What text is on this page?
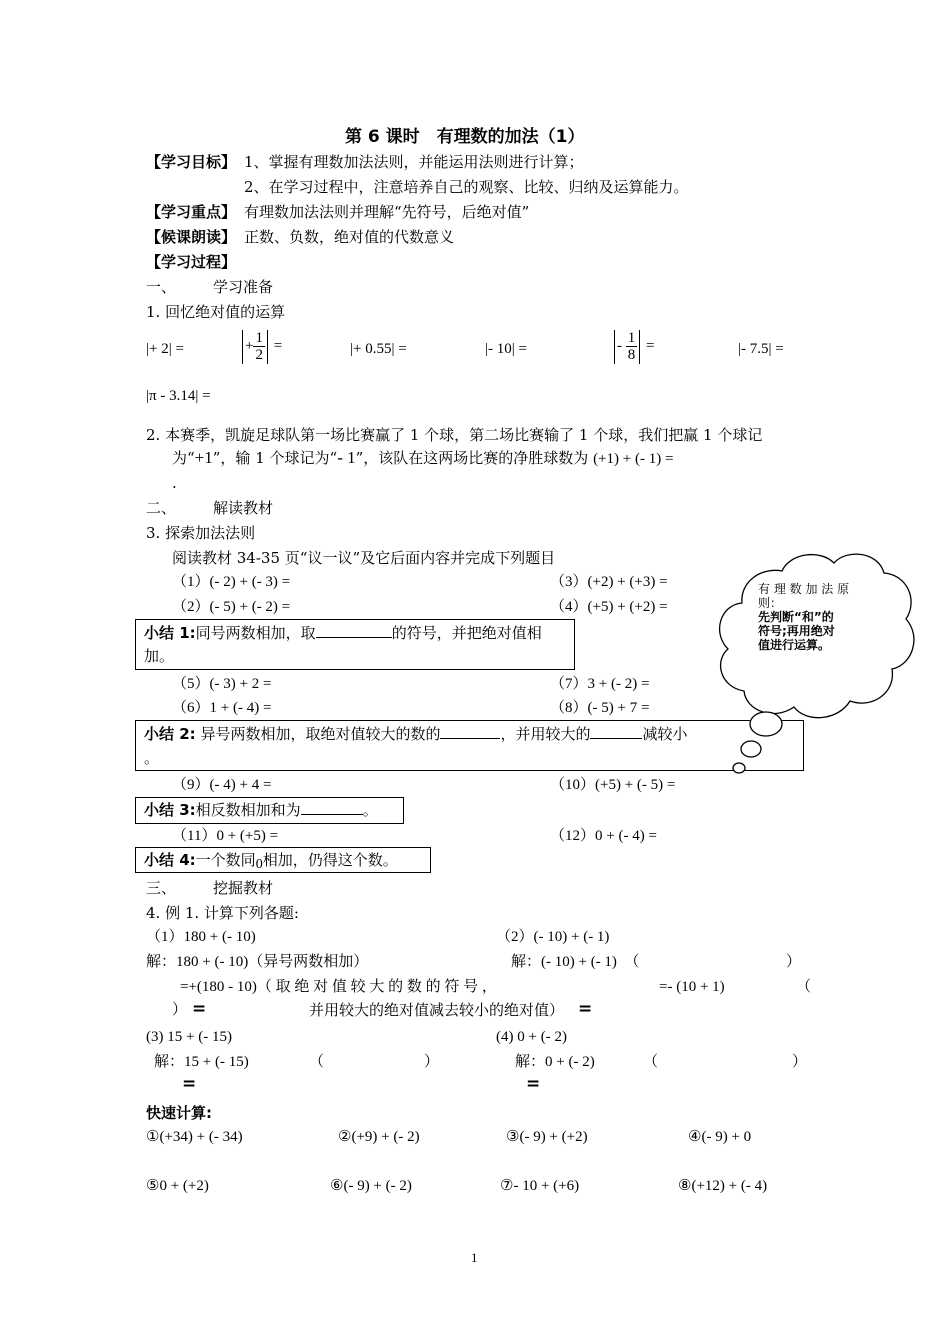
第 6 课时　有理数的加法（1）
【学习目标】 1、掌握有理数加法法则，并能运用法则进行计算；
2、在学习过程中，注意培养自己的观察、比较、归纳及运算能力。
【学习重点】 有理数加法法则并理解“先符号，后绝对值”
【候课朗读】 正数、负数，绝对值的代数意义
【学习过程】
一、 学习准备
1. 回忆绝对值的运算
|+ 2| =	+ $\frac{1}{2}$ =	|+ 0.55| =	|- 10| =	- $\frac{1}{8}$ =	|- 7.5| =
|π - 3.14| =
2. 本赛季，凯旋足球队第一场比赛赢了 1 个球，第二场比赛输了 1 个球，我们把赢 1 个球记
为“+1”，输 1 个球记为“- 1”，该队在这两场比赛的净胜球数为 (+1) + (- 1) =
.
二、 解读教材
3. 探索加法法则
阅读教材 34-35 页“议一议”及它后面内容并完成下列题目
（1）(- 2) + (- 3) =	（3）(+2) + (+3) =
（2）(- 5) + (- 2) =	（4）(+5) + (+2) =
小结 1:同号两数相加，取	的符号，并把绝对值相
加。
（5）(- 3) + 2 =	（7）3 + (- 2) =
（6）1 + (- 4) =	（8）(- 5) + 7 =
小结 2: 异号两数相加，取绝对值较大的数的	，并用较大的	减较小
。
（9）(- 4) + 4 =	（10）(+5) + (- 5) =
小结 3:相反数相加和为	。
（11）0 + (+5) =	（12）0 + (- 4) =
小结 4:一个数同0相加，仍得这个数。
有 理 数 加 法 原
则：
先判断“和”的
符号;再用绝对
值进行运算。
三、 挖掘教材
4. 例 1. 计算下列各题:
（1）180 + (- 10)	（2）(- 10) + (- 1)
解：180 + (- 10)（异号两数相加）	解：(- 10) + (- 1)　（	）
=+(180 - 10)（ 取 绝 对 值 较 大 的 数 的 符 号 ，	=- (10 + 1)	（
） =	并用较大的绝对值减去较小的绝对值） =
(3) 15 + (- 15)	(4) 0 + (- 2)
解：15 + (- 15)	（	）	解：0 + (- 2)	（	）
=	=
快速计算:
①(+34) + (- 34)	②(+9) + (- 2)	③(- 9) + (+2)	④(- 9) + 0
⑤0 + (+2)	⑥(- 9) + (- 2)	⑦- 10 + (+6)	⑧(+12) + (- 4)
1
